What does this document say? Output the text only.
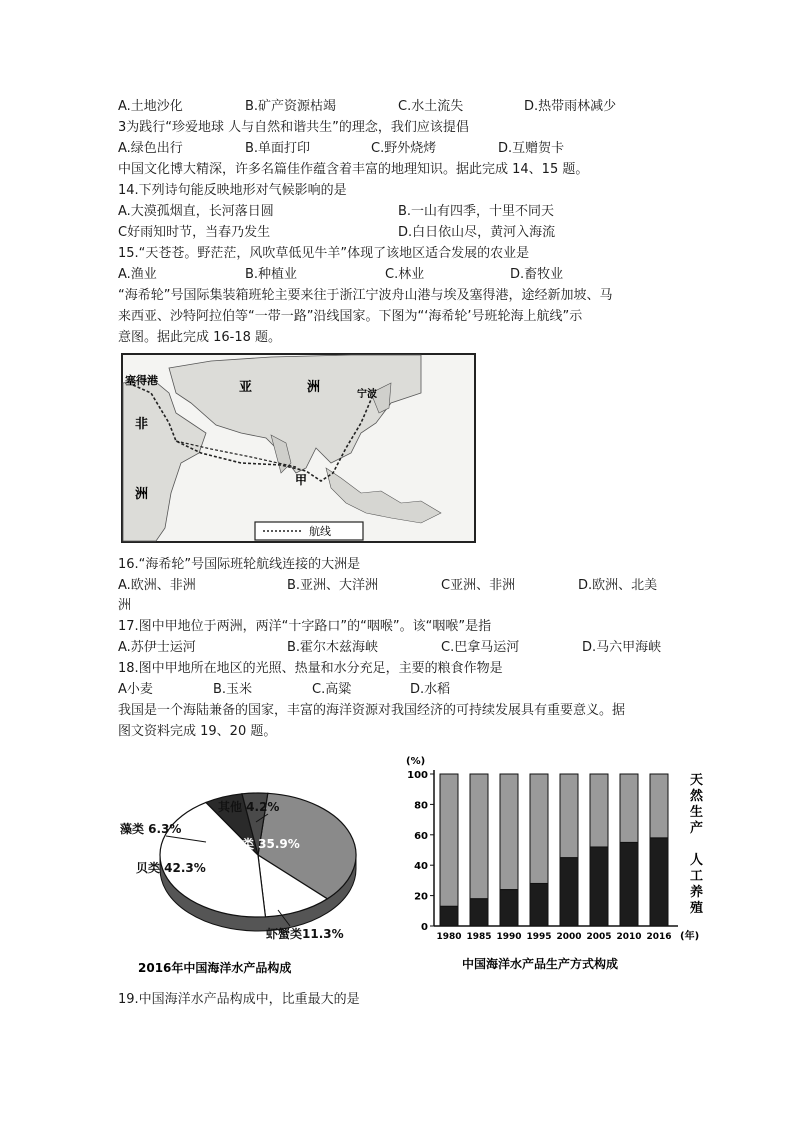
A.土地沙化	B.矿产资源枯竭	C.水土流失	D.热带雨林减少
3为践行“珍爱地球 人与自然和谐共生”的理念，我们应该提倡
A.绿色出行	B.单面打印	C.野外烧烤	D.互赠贺卡
中国文化博大精深，许多名篇佳作蕴含着丰富的地理知识。据此完成 14、15 题。
14.下列诗句能反映地形对气候影响的是
A.大漠孤烟直，长河落日圆	B.一山有四季，十里不同天
C好雨知时节，当春乃发生	D.白日依山尽，黄河入海流
15.“天苍苍。野茫茫，风吹草低见牛羊”体现了该地区适合发展的农业是
A.渔业	B.种植业	C.林业	D.畜牧业
“海希轮”号国际集装箱班轮主要来往于浙江宁波舟山港与埃及塞得港，途经新加坡、马
来西亚、沙特阿拉伯等“一带一路”沿线国家。下图为“‘海希轮’号班轮海上航线”示
意图。据此完成 16-18 题。
塞得港	亚	洲
非
洲
宁波
甲
航线
16.“海希轮”号国际班轮航线连接的大洲是
A.欧洲、非洲	B.亚洲、大洋洲	C亚洲、非洲	D.欧洲、北美
洲
17.图中甲地位于两洲，两洋“十字路口”的“咽喉”。该“咽喉”是指
A.苏伊士运河	B.霍尔木兹海峡	C.巴拿马运河	D.马六甲海峡
18.图中甲地所在地区的光照、热量和水分充足，主要的粮食作物是
A小麦	B.玉米	C.高粱	D.水稻
我国是一个海陆兼备的国家，丰富的海洋资源对我国经济的可持续发展具有重要意义。据
图文资料完成 19、20 题。
鱼类 35.9%
贝类 42.3%
藻类 6.3%
其他 4.2%
虾蟹类11.3%
2016年中国海洋水产品构成
(%)
0
20
40
60
80
100
1980 1985 1990 1995 2000 2005 2010 2016 (年)
天
然
生
产
人
工
养
殖
中国海洋水产品生产方式构成
19.中国海洋水产品构成中，比重最大的是
